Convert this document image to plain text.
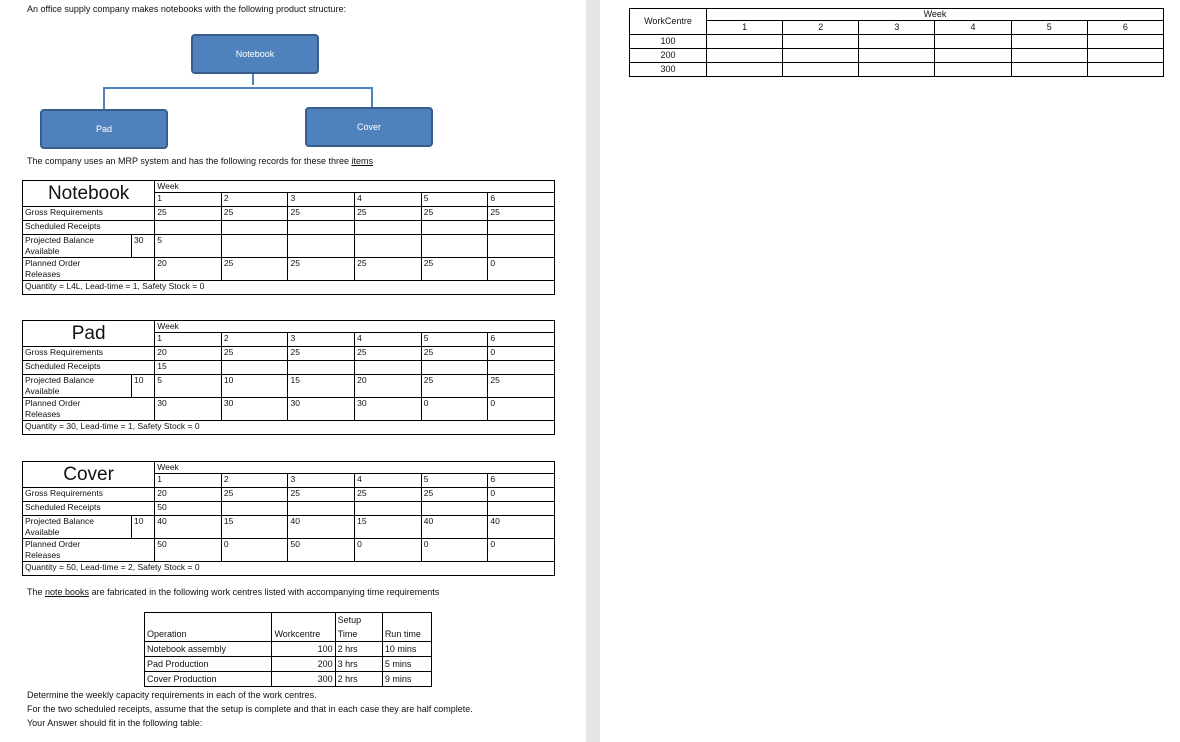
An office supply company makes notebooks with the following product structure:
Notebook
Pad	Cover
The company uses an MRP system and has the following records for these three items
Notebook		Week					
		1	2	3	4	5	6
Gross Requirements		25	25	25	25	25	25
Scheduled Receipts							
Projected Balance
Available	30	5					
Planned Order
Releases		20	25	25	25	25	0
Quantity = L4L, Lead-time = 1, Safety Stock = 0							
Pad		Week					
		1	2	3	4	5	6
Gross Requirements		20	25	25	25	25	0
Scheduled Receipts		15					
Projected Balance
Available	10	5	10	15	20	25	25
Planned Order
Releases		30	30	30	30	0	0
Quantity = 30, Lead-time = 1, Safety Stock = 0							
Cover		Week					
		1	2	3	4	5	6
Gross Requirements		20	25	25	25	25	0
Scheduled Receipts		50					
Projected Balance
Available	10	40	15	40	15	40	40
Planned Order
Releases		50	0	50	0	0	0
Quantity = 50, Lead-time = 2, Safety Stock = 0							
The note books are fabricated in the following work centres listed with accompanying time requirements
		Setup	
Operation	Workcentre	Time	Run time
Notebook assembly	100	2 hrs	10 mins
Pad Production	200	3 hrs	5 mins
Cover Production	300	2 hrs	9 mins
Determine the weekly capacity requirements in each of the work centres.
For the two scheduled receipts, assume that the setup is complete and that in each case they are half complete.
Your Answer should fit in the following table:
WorkCentre	Week					
	1	2	3	4	5	6
100						
200						
300						
